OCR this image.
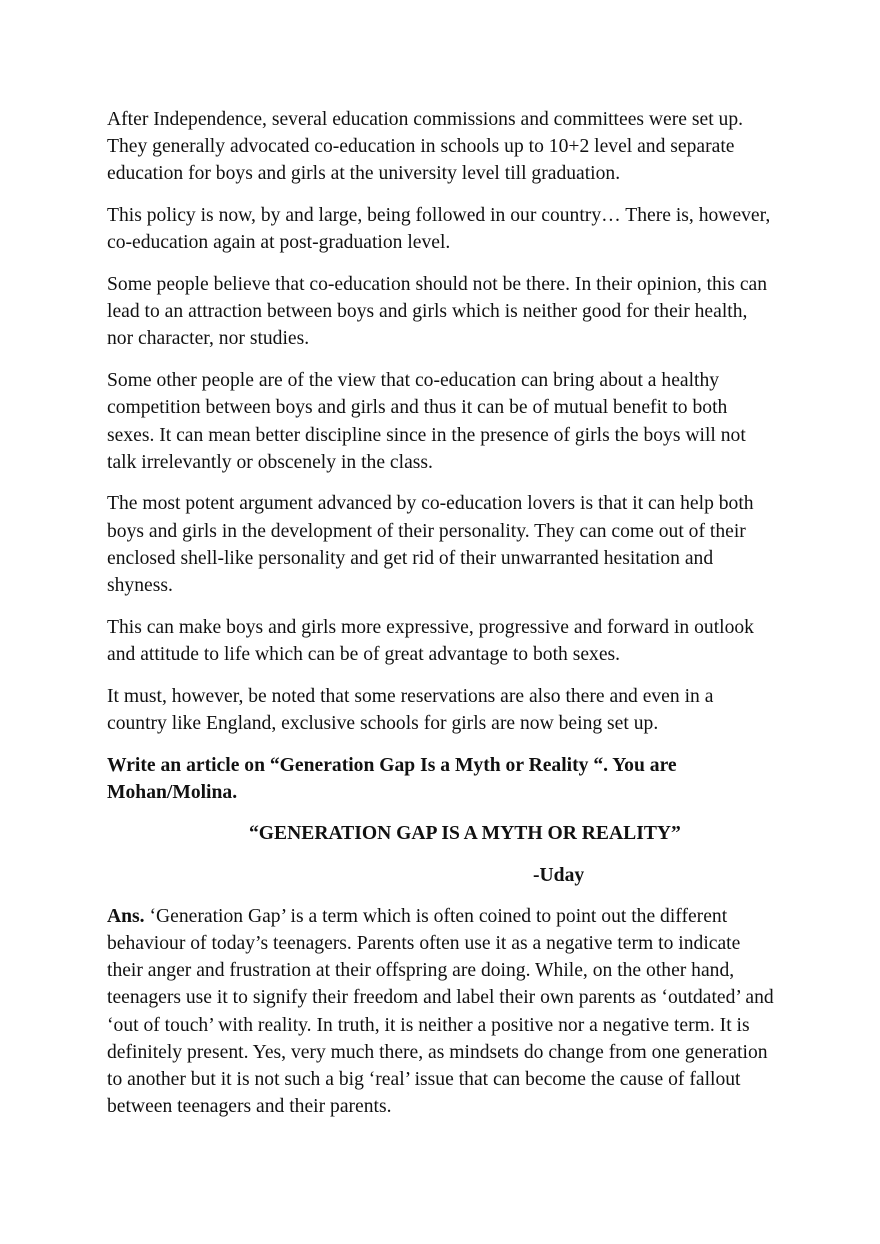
After Independence, several education commissions and committees were set up. They generally advocated co-education in schools up to 10+2 level and separate education for boys and girls at the university level till graduation.

This policy is now, by and large, being followed in our country… There is, however, co-education again at post-graduation level.

Some people believe that co-education should not be there. In their opinion, this can lead to an attraction between boys and girls which is neither good for their health, nor character, nor studies.

Some other people are of the view that co-education can bring about a healthy competition between boys and girls and thus it can be of mutual benefit to both sexes. It can mean better discipline since in the presence of girls the boys will not talk irrelevantly or obscenely in the class.

The most potent argument advanced by co-education lovers is that it can help both boys and girls in the development of their personality. They can come out of their enclosed shell-like personality and get rid of their unwarranted hesitation and shyness.

This can make boys and girls more expressive, progressive and forward in outlook and attitude to life which can be of great advantage to both sexes.

It must, however, be noted that some reservations are also there and even in a country like England, exclusive schools for girls are now being set up.

Write an article on “Generation Gap Is a Myth or Reality “. You are Mohan/Molina.

“GENERATION GAP IS A MYTH OR REALITY”

-Uday

Ans. ‘Generation Gap’ is a term which is often coined to point out the different behaviour of today’s teenagers. Parents often use it as a negative term to indicate their anger and frustration at their offspring are doing. While, on the other hand, teenagers use it to signify their freedom and label their own parents as ‘outdated’ and ‘out of touch’ with reality. In truth, it is neither a positive nor a negative term. It is definitely present. Yes, very much there, as mindsets do change from one generation to another but it is not such a big ‘real’ issue that can become the cause of fallout between teenagers and their parents.
